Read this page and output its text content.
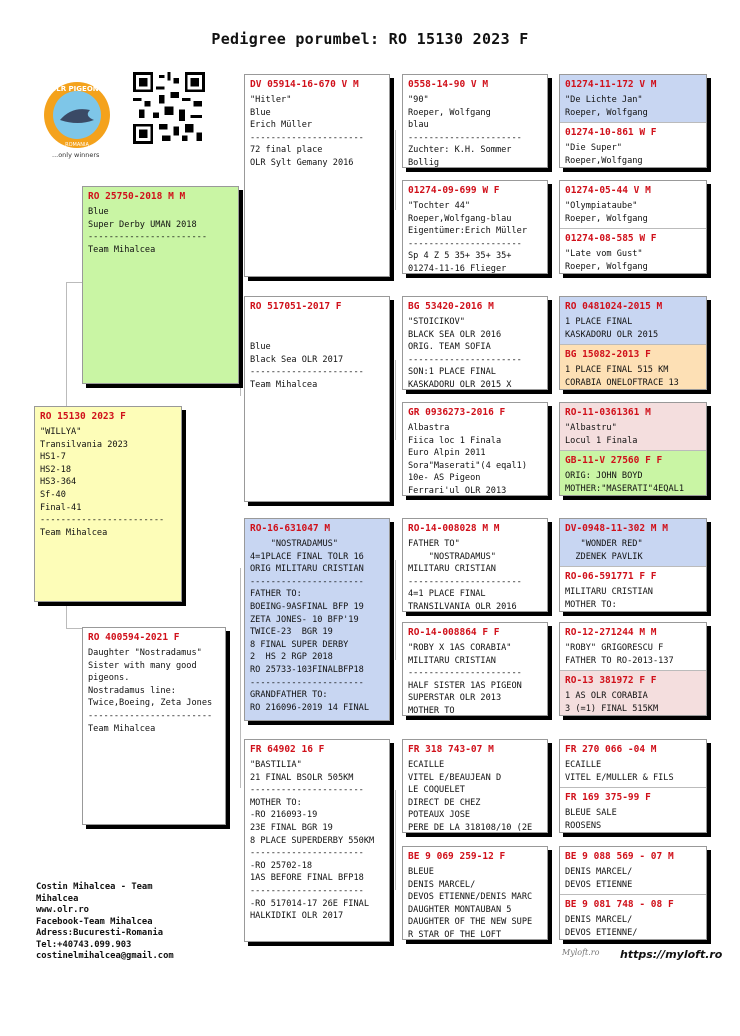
Pedigree porumbel: RO 15130 2023 F
OLR PIGEONS
ROMANIA
...only winners
RO 15130 2023 F
"WILLYA"
Transilvania 2023
HS1-7
HS2-18
HS3-364
Sf-40
Final-41
------------------------
Team Mihalcea
RO 25750-2018 M M
Blue
Super Derby UMAN 2018
-----------------------
Team Mihalcea
RO 400594-2021 F
Daughter "Nostradamus"
Sister with many good
pigeons.
Nostradamus line:
Twice,Boeing, Zeta Jones
------------------------
Team Mihalcea
DV 05914-16-670 V M
"Hitler"
Blue
Erich Müller
----------------------
72 final place
OLR Sylt Gemany 2016
RO 517051-2017 F

Blue
Black Sea OLR 2017
----------------------
Team Mihalcea
RO-16-631047 M
"NOSTRADAMUS"
4=1PLACE FINAL TOLR 16
ORIG MILITARU CRISTIAN
----------------------
FATHER TO:
BOEING-9ASFINAL BFP 19
ZETA JONES- 10 BFP'19
TWICE-23  BGR 19
8 FINAL SUPER DERBY
2  HS 2 RGP 2018
RO 25733-103FINALBFP18
----------------------
GRANDFATHER TO:
RO 216096-2019 14 FINAL
FR 64902 16 F
"BASTILIA"
21 FINAL BSOLR 505KM
----------------------
MOTHER TO:
-RO 216093-19
23E FINAL BGR 19
8 PLACE SUPERDERBY 550KM
----------------------
-RO 25702-18
1AS BEFORE FINAL BFP18
----------------------
-RO 517014-17 26E FINAL
HALKIDIKI OLR 2017
0558-14-90 V M
"90"
Roeper, Wolfgang
blau
----------------------
Zuchter: K.H. Sommer
Bollig
01274-09-699 W F
"Tochter 44"
Roeper,Wolfgang-blau
Eigentümer:Erich Müller
----------------------
Sp 4 Z 5 35+ 35+ 35+
01274-11-16 Flieger
BG 53420-2016 M
"STOICIKOV"
BLACK SEA OLR 2016
ORIG. TEAM SOFIA
----------------------
SON:1 PLACE FINAL
KASKADORU OLR 2015 X
GR 0936273-2016 F
Albastra
Fiica loc 1 Finala
Euro Alpin 2011
Sora"Maserati"(4 eqal1)
10e- AS Pigeon
Ferrari'ul OLR 2013
RO-14-008028 M M
FATHER TO"
"NOSTRADAMUS"
MILITARU CRISTIAN
----------------------
4=1 PLACE FINAL
TRANSILVANIA OLR 2016
RO-14-008864 F F
"ROBY X 1AS CORABIA"
MILITARU CRISTIAN
----------------------
HALF SISTER 1AS PIGEON
SUPERSTAR OLR 2013
MOTHER TO
FR 318 743-07 M
ECAILLE
VITEL E/BEAUJEAN D
LE COQUELET
DIRECT DE CHEZ
POTEAUX JOSE
PERE DE LA 318108/10 (2E
BE 9 069 259-12 F
BLEUE
DENIS MARCEL/
DEVOS ETIENNE/DENIS MARC
DAUGHTER MONTAUBAN 5
DAUGHTER OF THE NEW SUPE
R STAR OF THE LOFT
01274-11-172 V M
"De Lichte Jan"
Roeper, Wolfgang
01274-10-861 W F
"Die Super"
Roeper,Wolfgang
01274-05-44 V M
"Olympiataube"
Roeper, Wolfgang
01274-08-585 W F
"Late vom Gust"
Roeper, Wolfgang
RO 0481024-2015 M
1 PLACE FINAL
KASKADORU OLR 2015
BG 15082-2013 F
1 PLACE FINAL 515 KM
CORABIA ONELOFTRACE 13
RO-11-0361361 M
"Albastru"
Locul 1 Finala
GB-11-V 27560 F F
ORIG: JOHN BOYD
MOTHER:"MASERATI"4EQAL1
DV-0948-11-302 M M
"WONDER RED"
ZDENEK PAVLIK
RO-06-591771 F F
MILITARU CRISTIAN
MOTHER TO:
RO-12-271244 M M
"ROBY" GRIGORESCU F
FATHER TO RO-2013-137
RO-13 381972 F F
1 AS OLR CORABIA
3 (=1) FINAL 515KM
FR 270 066 -04 M
ECAILLE
VITEL E/MULLER & FILS
FR 169 375-99 F
BLEUE SALE
ROOSENS
BE 9 088 569 - 07 M
DENIS MARCEL/
DEVOS ETIENNE
BE 9 081 748 - 08 F
DENIS MARCEL/
DEVOS ETIENNE/
Costin Mihalcea - Team
Mihalcea
www.olr.ro
Facebook-Team Mihalcea
Adress:Bucuresti-Romania
Tel:+40743.099.903
costinelmihalcea@gmail.com	Myloft.ro https://myloft.ro
